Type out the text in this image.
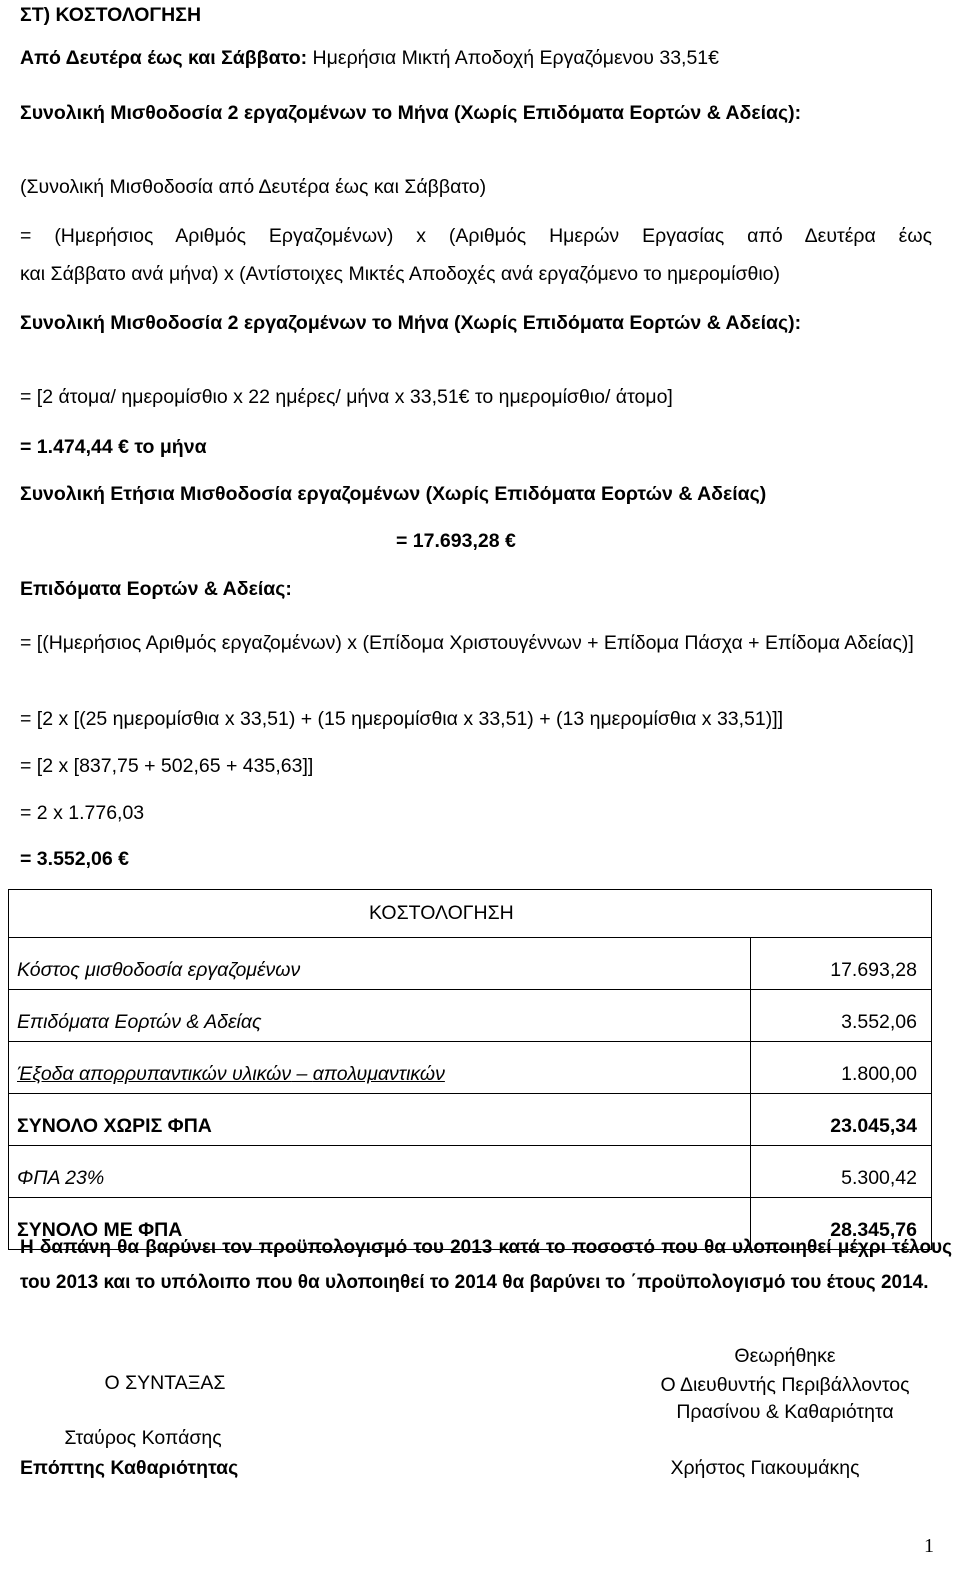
ΣΤ) ΚΟΣΤΟΛΟΓΗΣΗ
Από Δευτέρα έως και Σάββατο: Ημερήσια Μικτή Αποδοχή Εργαζόμενου 33,51€
Συνολική Μισθοδοσία 2 εργαζομένων το Μήνα (Χωρίς Επιδόματα Εορτών & Αδείας):
(Συνολική Μισθοδοσία από Δευτέρα έως και Σάββατο)
= (Ημερήσιος Αριθμός Εργαζομένων) x (Αριθμός Ημερών Εργασίας από Δευτέρα έως
και Σάββατο ανά μήνα) x (Αντίστοιχες Μικτές Αποδοχές ανά εργαζόμενο το ημερομίσθιο)
Συνολική Μισθοδοσία 2 εργαζομένων το Μήνα (Χωρίς Επιδόματα Εορτών & Αδείας):
= [2 άτομα/ ημερομίσθιο x 22 ημέρες/ μήνα x 33,51€ το ημερομίσθιο/ άτομο]
= 1.474,44 € το μήνα
Συνολική Ετήσια Μισθοδοσία εργαζομένων (Χωρίς Επιδόματα Εορτών & Αδείας)
= 17.693,28 €
Επιδόματα Εορτών & Αδείας:
= [(Ημερήσιος Αριθμός εργαζομένων) x (Επίδομα Χριστουγέννων + Επίδομα Πάσχα + Επίδομα Αδείας)]
= [2 x [(25 ημερομίσθια x 33,51) + (15 ημερομίσθια x 33,51) + (13 ημερομίσθια x 33,51)]]
= [2 x [837,75 + 502,65 + 435,63]]
= 2 x 1.776,03
= 3.552,06 €
ΚΟΣΤΟΛΟΓΗΣΗ	
Κόστος μισθοδοσία εργαζομένων	17.693,28
Επιδόματα Εορτών & Αδείας	3.552,06
Έξοδα απορρυπαντικών υλικών – απολυμαντικών	1.800,00
ΣΥΝΟΛΟ ΧΩΡΙΣ ΦΠΑ	23.045,34
ΦΠΑ 23%	5.300,42
ΣΥΝΟΛΟ ΜΕ ΦΠΑ	28.345,76
Η δαπάνη θα βαρύνει τον προϋπολογισμό του 2013 κατά το ποσοστό που θα υλοποιηθεί μέχρι τέλους του 2013 και το υπόλοιπο που θα υλοποιηθεί το 2014 θα βαρύνει το ΄προϋπολογισμό του έτους 2014.
Ο ΣΥΝΤΑΞΑΣ
Σταύρος Κοπάσης
Επόπτης Καθαριότητας
Θεωρήθηκε
Ο Διευθυντής Περιβάλλοντος
Πρασίνου & Καθαριότητα
Χρήστος Γιακουμάκης
1
